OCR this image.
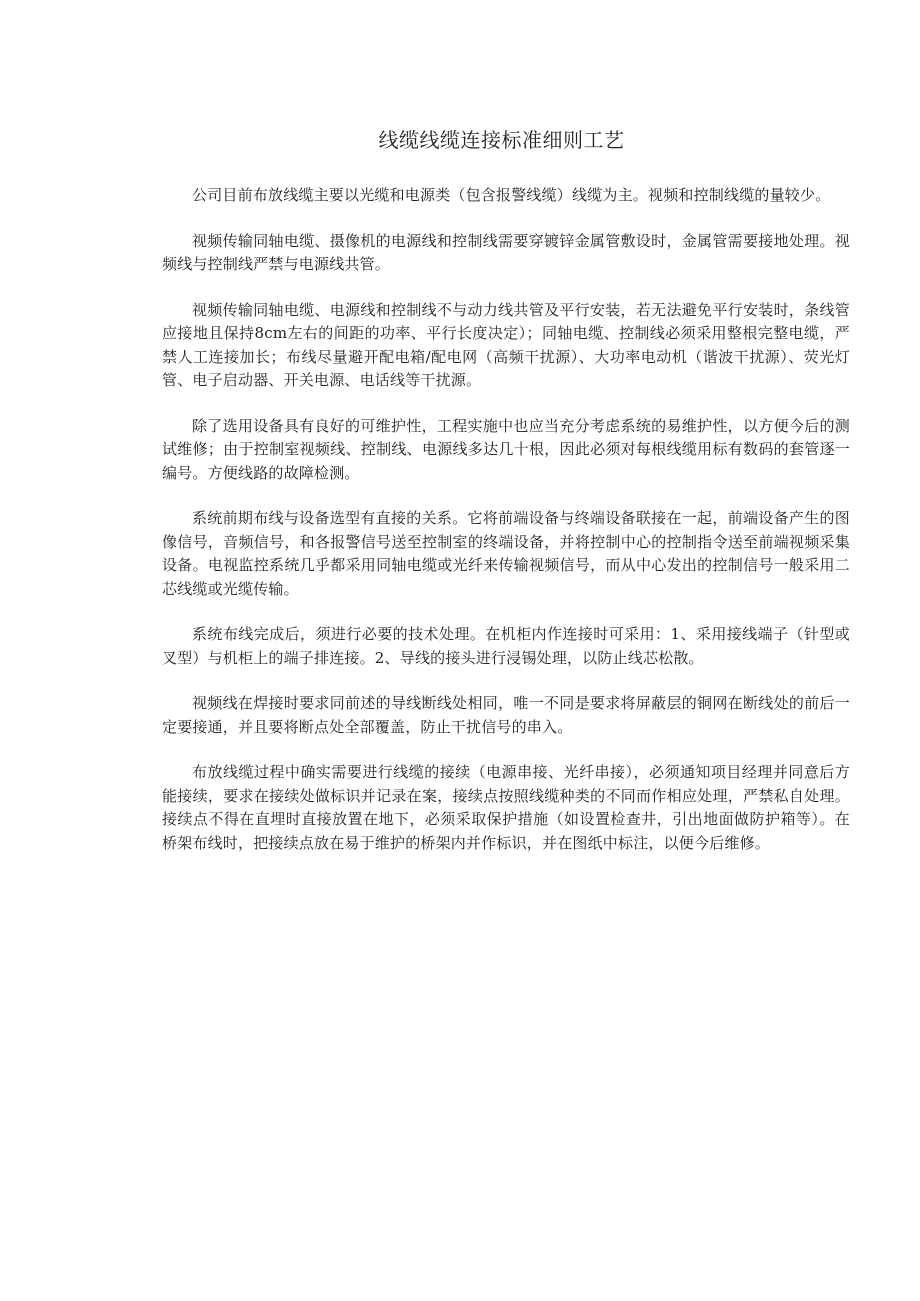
线缆线缆连接标准细则工艺

公司目前布放线缆主要以光缆和电源类（包含报警线缆）线缆为主。视频和控制线缆的量较少。

视频传输同轴电缆、摄像机的电源线和控制线需要穿镀锌金属管敷设时，金属管需要接地处理。视频线与控制线严禁与电源线共管。

视频传输同轴电缆、电源线和控制线不与动力线共管及平行安装，若无法避免平行安装时，条线管应接地且保持8cm左右的间距的功率、平行长度决定）；同轴电缆、控制线必须采用整根完整电缆，严禁人工连接加长；布线尽量避开配电箱/配电网（高频干扰源）、大功率电动机（谐波干扰源）、荧光灯管、电子启动器、开关电源、电话线等干扰源。

除了选用设备具有良好的可维护性，工程实施中也应当充分考虑系统的易维护性，以方便今后的测试维修；由于控制室视频线、控制线、电源线多达几十根，因此必须对每根线缆用标有数码的套管逐一编号。方便线路的故障检测。

系统前期布线与设备选型有直接的关系。它将前端设备与终端设备联接在一起，前端设备产生的图像信号，音频信号，和各报警信号送至控制室的终端设备，并将控制中心的控制指令送至前端视频采集设备。电视监控系统几乎都采用同轴电缆或光纤来传输视频信号，而从中心发出的控制信号一般采用二芯线缆或光缆传输。

系统布线完成后，须进行必要的技术处理。在机柜内作连接时可采用：1、采用接线端子（针型或叉型）与机柜上的端子排连接。2、导线的接头进行浸锡处理，以防止线芯松散。

视频线在焊接时要求同前述的导线断线处相同，唯一不同是要求将屏蔽层的铜网在断线处的前后一定要接通，并且要将断点处全部覆盖，防止干扰信号的串入。

布放线缆过程中确实需要进行线缆的接续（电源串接、光纤串接），必须通知项目经理并同意后方能接续，要求在接续处做标识并记录在案，接续点按照线缆种类的不同而作相应处理，严禁私自处理。接续点不得在直埋时直接放置在地下，必须采取保护措施（如设置检查井，引出地面做防护箱等）。在桥架布线时，把接续点放在易于维护的桥架内并作标识，并在图纸中标注，以便今后维修。
